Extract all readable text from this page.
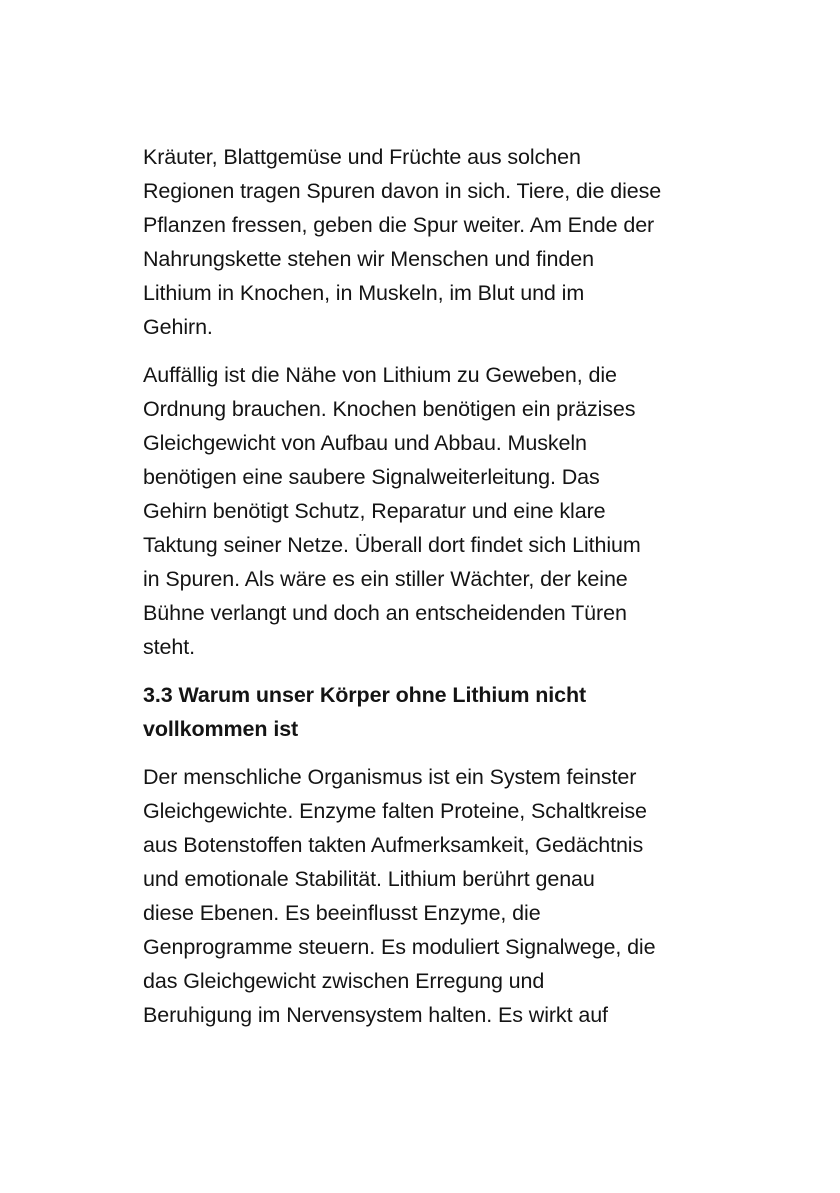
Kräuter, Blattgemüse und Früchte aus solchen
Regionen tragen Spuren davon in sich. Tiere, die diese
Pflanzen fressen, geben die Spur weiter. Am Ende der
Nahrungskette stehen wir Menschen und finden
Lithium in Knochen, in Muskeln, im Blut und im
Gehirn.

Auffällig ist die Nähe von Lithium zu Geweben, die
Ordnung brauchen. Knochen benötigen ein präzises
Gleichgewicht von Aufbau und Abbau. Muskeln
benötigen eine saubere Signalweiterleitung. Das
Gehirn benötigt Schutz, Reparatur und eine klare
Taktung seiner Netze. Überall dort findet sich Lithium
in Spuren. Als wäre es ein stiller Wächter, der keine
Bühne verlangt und doch an entscheidenden Türen
steht.

3.3 Warum unser Körper ohne Lithium nicht
vollkommen ist

Der menschliche Organismus ist ein System feinster
Gleichgewichte. Enzyme falten Proteine, Schaltkreise
aus Botenstoffen takten Aufmerksamkeit, Gedächtnis
und emotionale Stabilität. Lithium berührt genau
diese Ebenen. Es beeinflusst Enzyme, die
Genprogramme steuern. Es moduliert Signalwege, die
das Gleichgewicht zwischen Erregung und
Beruhigung im Nervensystem halten. Es wirkt auf
